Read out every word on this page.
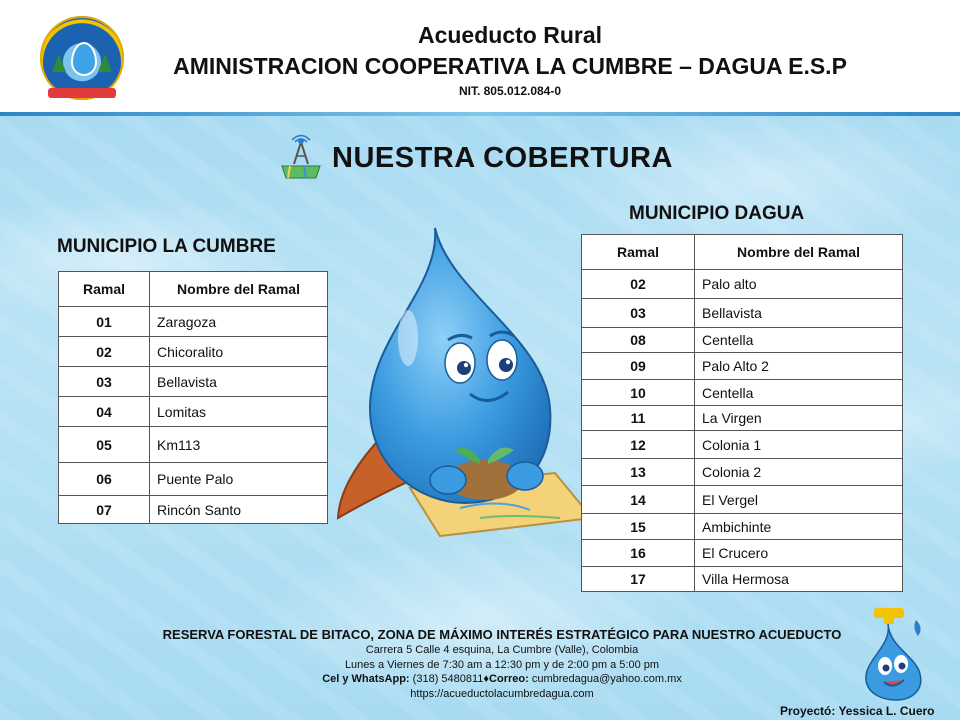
Acueducto Rural
AMINISTRACION COOPERATIVA LA CUMBRE – DAGUA E.S.P
NIT. 805.012.084-0
NUESTRA COBERTURA
MUNICIPIO LA CUMBRE
Ramal	Nombre del Ramal
01	Zaragoza
02	Chicoralito
03	Bellavista
04	Lomitas
05	Km113
06	Puente Palo
07	Rincón Santo
MUNICIPIO DAGUA
Ramal	Nombre del Ramal
02	Palo alto
03	Bellavista
08	Centella
09	Palo Alto 2
10	Centella
11	La Virgen
12	Colonia 1
13	Colonia 2
14	El Vergel
15	Ambichinte
16	El Crucero
17	Villa Hermosa
RESERVA FORESTAL DE BITACO, ZONA DE MÁXIMO INTERÉS ESTRATÉGICO PARA NUESTRO ACUEDUCTO
Carrera 5 Calle 4 esquina, La Cumbre (Valle), Colombia
Lunes a Viernes de 7:30 am a 12:30 pm y de 2:00 pm a 5:00 pm
Cel y WhatsApp: (318) 5480811♦Correo: cumbredagua@yahoo.com.mx
https://acueductolacumbredagua.com
Proyectó: Yessica L. Cuero
